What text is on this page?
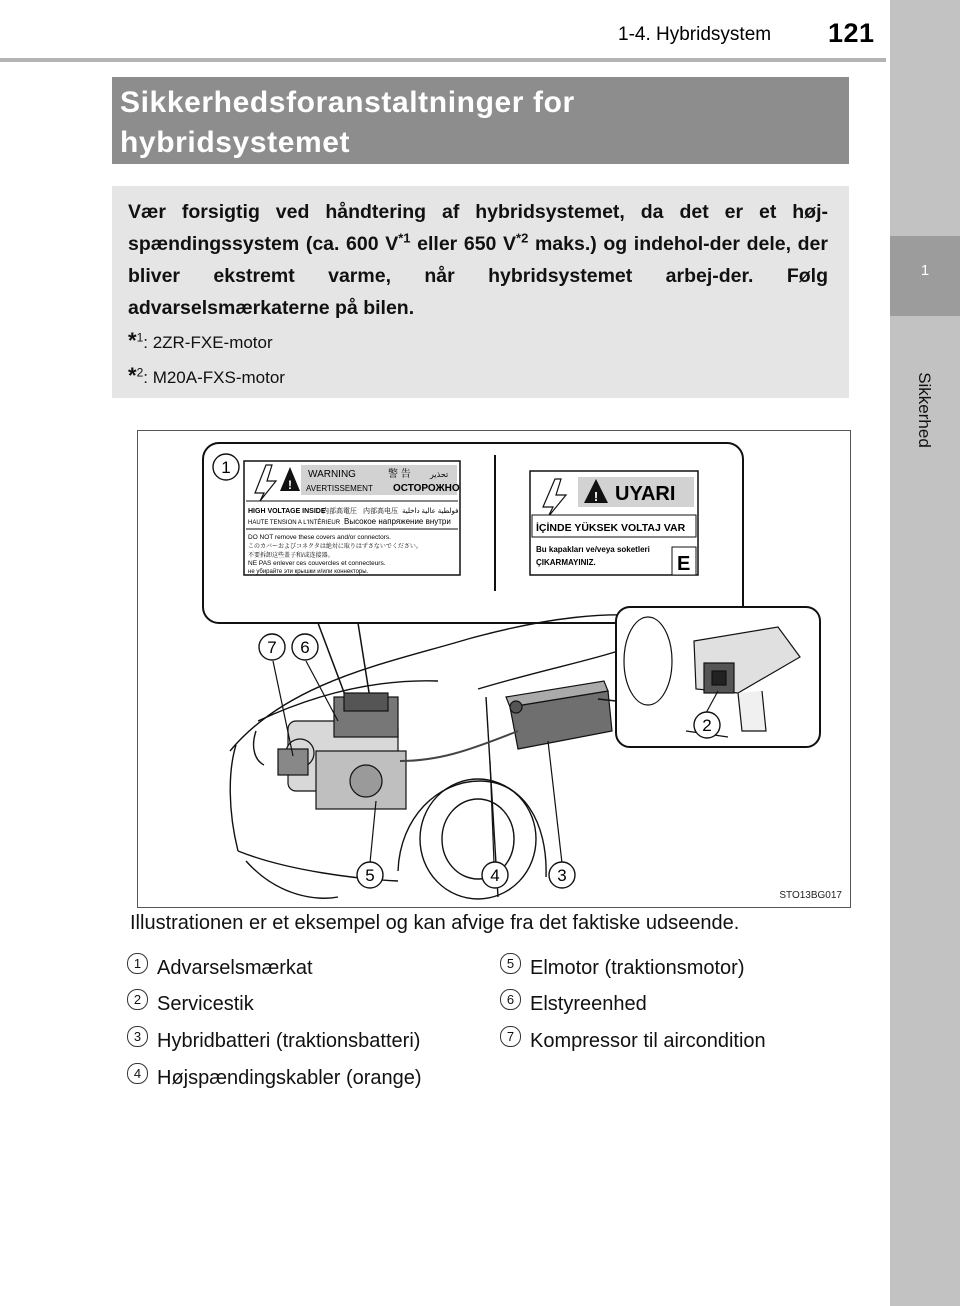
1-4. Hybridsystem 121
1
Sikkerhed
Sikkerhedsforanstaltninger for
hybridsystemet
Vær forsigtig ved håndtering af hybridsystemet, da det er et høj-spændingssystem (ca. 600 $V^{*1}$ eller 650 $V^{*2}$ maks.) og indehol-der dele, der bliver ekstremt varme, når hybridsystemet arbej-der. Følg advarselsmærkaterne på bilen.
*$^1$: 2ZR-FXE-motor
*$^2$: M20A-FXS-motor
!
WARNING	警 告 تحذير
AVERTISSEMENT ОСТОРОЖНО
HIGH VOLTAGE INSIDE
内部高電圧 内部高电压 فولطية عالية داخلية
HAUTE TENSION A L'INTÉRIEUR Высокое напряжение внутри
DO NOT remove these covers and/or connectors.
このカバーおよびコネクタは絶対に取りはずさないでください。
不要拆卸这些盖子和/或连接器。
NE PAS enlever ces couvercles et connecteurs.
не убирайте эти крышки и/или коннекторы.
! UYARI
İÇİNDE YÜKSEK VOLTAJ VAR
Bu kapakları ve/veya soketleri
ÇIKARMAYINIZ.	E
1
2
3
4
5
6
7
STO13BG017
Illustrationen er et eksempel og kan afvige fra det faktiske udseende.
1 Advarselsmærkat
2 Servicestik
3 Hybridbatteri (traktionsbatteri)
4 Højspændingskabler (orange)
5 Elmotor (traktionsmotor)
6 Elstyreenhed
7 Kompressor til aircondition
